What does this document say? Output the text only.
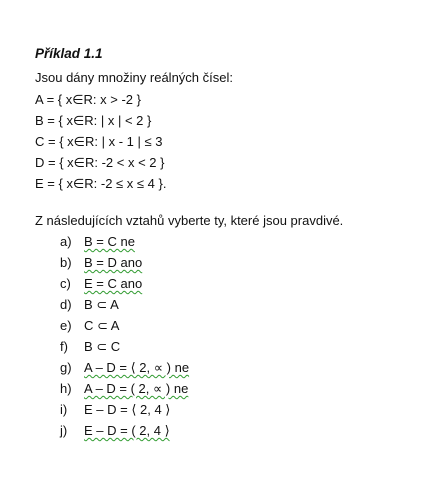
Příklad 1.1
Jsou dány množiny reálných čísel:
A = { x∈R: x > -2 }
B = { x∈R: | x | < 2 }
C = { x∈R: | x - 1 | ≤ 3
D = { x∈R: -2 < x < 2 }
E = { x∈R: -2 ≤ x ≤ 4 }.
Z následujících vztahů vyberte ty, které jsou pravdivé.
a) B = C ne
b) B = D ano
c) E = C ano
d) B ⊂ A
e) C ⊂ A
f) B ⊂ C
g) A – D = ⟨ 2, ∝ ) ne
h) A – D = ( 2, ∝ ) ne
i) E – D = ⟨ 2, 4 ⟩
j) E – D = ( 2, 4 ⟩
